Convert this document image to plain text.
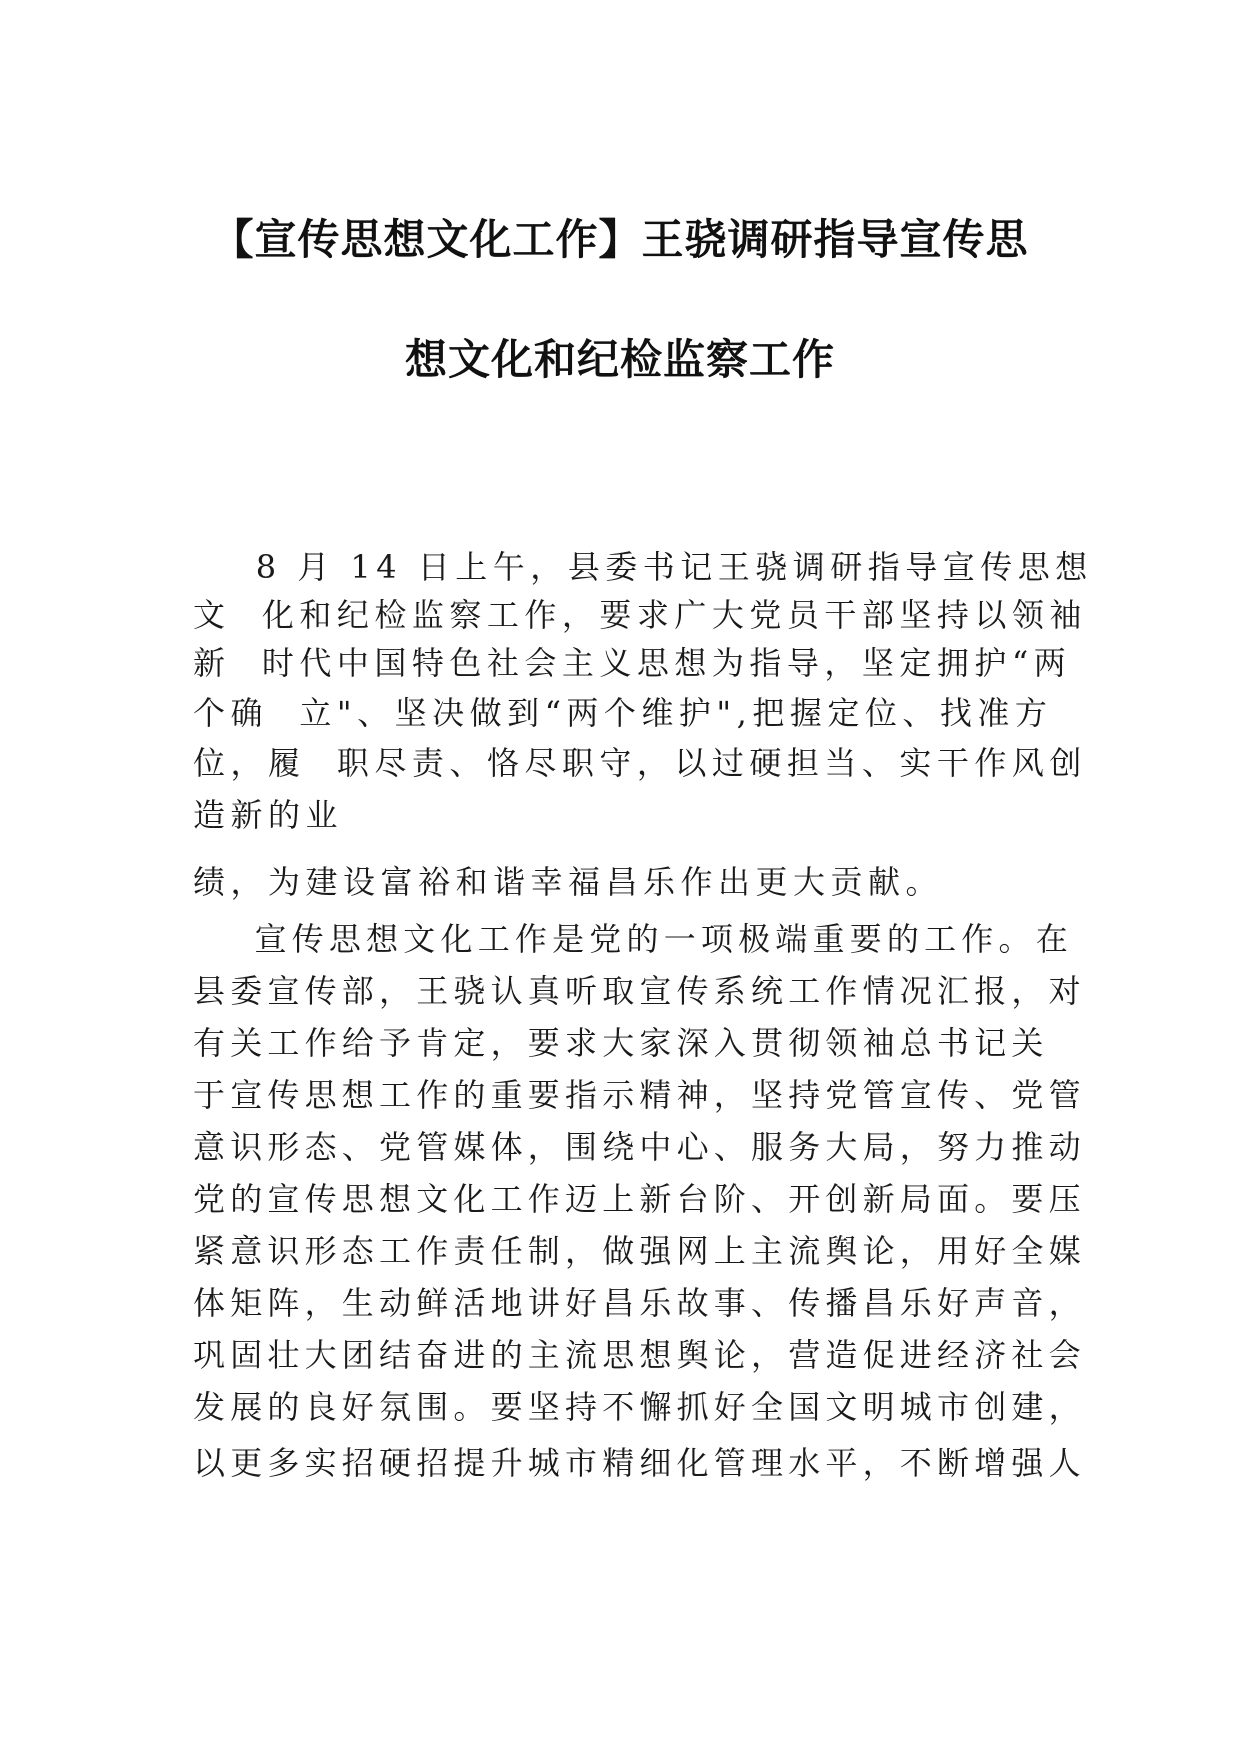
【宣传思想文化工作】王骁调研指导宣传思
想文化和纪检监察工作
8 月 14 日上午，县委书记王骁调研指导宣传思想
文  化和纪检监察工作，要求广大党员干部坚持以领袖
新  时代中国特色社会主义思想为指导，坚定拥护“两
个确  立"、坚决做到“两个维护",把握定位、找准方
位，履  职尽责、恪尽职守，以过硬担当、实干作风创
造新的业
绩，为建设富裕和谐幸福昌乐作出更大贡献。
宣传思想文化工作是党的一项极端重要的工作。在
县委宣传部，王骁认真听取宣传系统工作情况汇报，对
有关工作给予肯定，要求大家深入贯彻领袖总书记关
于宣传思想工作的重要指示精神，坚持党管宣传、党管
意识形态、党管媒体，围绕中心、服务大局，努力推动
党的宣传思想文化工作迈上新台阶、开创新局面。要压
紧意识形态工作责任制，做强网上主流舆论，用好全媒
体矩阵，生动鲜活地讲好昌乐故事、传播昌乐好声音，
巩固壮大团结奋进的主流思想舆论，营造促进经济社会
发展的良好氛围。要坚持不懈抓好全国文明城市创建，
以更多实招硬招提升城市精细化管理水平，不断增强人
